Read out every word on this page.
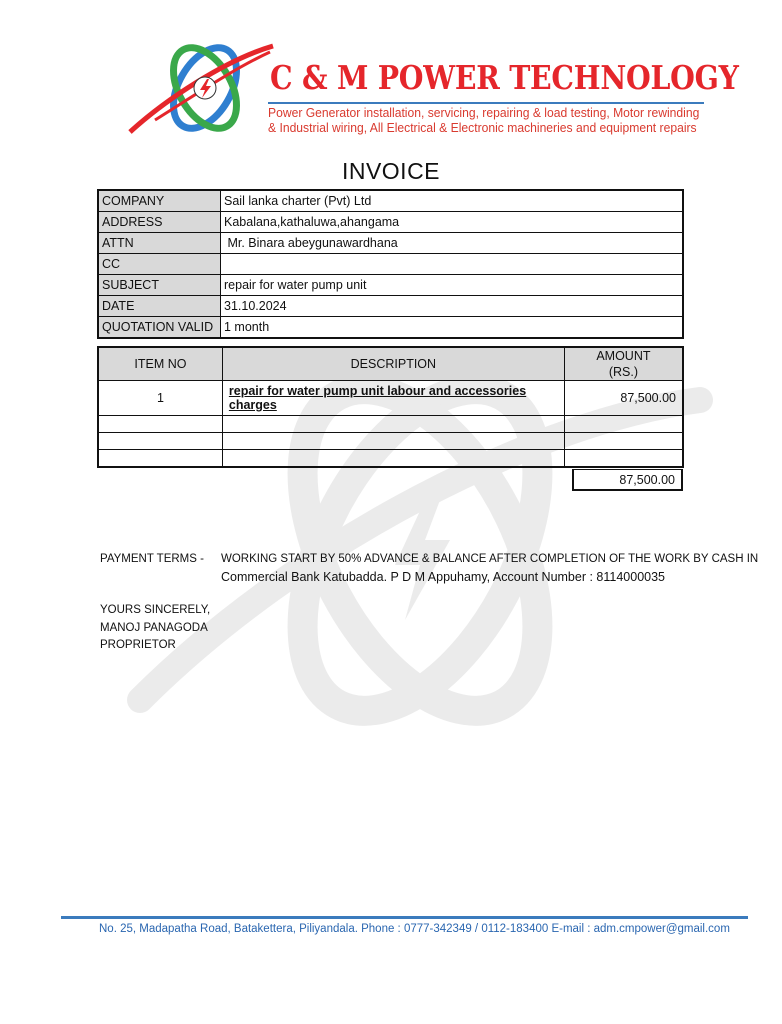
C & M POWER TECHNOLOGY
Power Generator installation, servicing, repairing & load testing, Motor rewinding
& Industrial wiring, All Electrical & Electronic machineries and equipment repairs
INVOICE
COMPANY	Sail lanka charter (Pvt) Ltd
ADDRESS	Kabalana,kathaluwa,ahangama
ATTN	Mr. Binara abeygunawardhana
CC	
SUBJECT	repair for water pump unit
DATE	31.10.2024
QUOTATION VALID	1 month
ITEM NO	DESCRIPTION	AMOUNT
(RS.)

1	repair for water pump unit labour and accessories charges	87,500.00

87,500.00
PAYMENT TERMS - WORKING START BY 50% ADVANCE & BALANCE AFTER COMPLETION OF THE WORK BY CASH IN
Commercial Bank Katubadda. P D M Appuhamy, Account Number : 8114000035
YOURS SINCERELY,
MANOJ PANAGODA
PROPRIETOR
No. 25, Madapatha Road, Batakettera, Piliyandala. Phone : 0777-342349 / 0112-183400 E-mail : adm.cmpower@gmail.com
